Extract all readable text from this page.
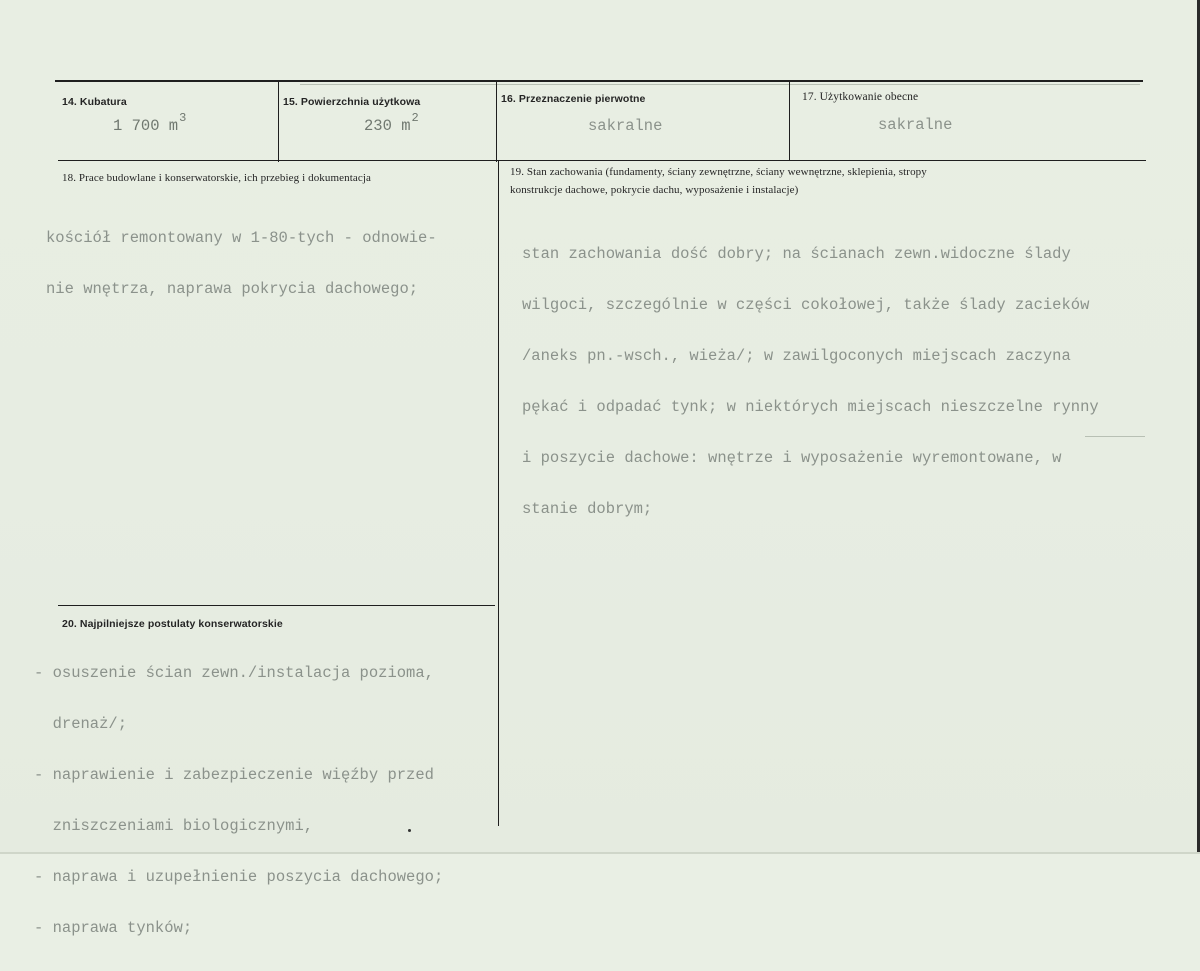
14. Kubatura
1 700 $m^3$
15. Powierzchnia użytkowa
230 $m^2$
16. Przeznaczenie pierwotne
sakralne
17. Użytkowanie obecne
sakralne
18. Prace budowlane i konserwatorskie, ich przebieg i dokumentacja

kościół remontowany w 1-80-tych - odnowie-

nie wnętrza, naprawa pokrycia dachowego;

19. Stan zachowania (fundamenty, ściany zewnętrzne, ściany wewnętrzne, sklepienia, stropy
konstrukcje dachowe, pokrycie dachu, wyposażenie i instalacje)

stan zachowania dość dobry; na ścianach zewn.widoczne ślady

wilgoci, szczególnie w części cokołowej, także ślady zacieków

/aneks pn.-wsch., wieża/; w zawilgoconych miejscach zaczyna

pękać i odpadać tynk; w niektórych miejscach nieszczelne rynny

i poszycie dachowe: wnętrze i wyposażenie wyremontowane, w

stanie dobrym;

20. Najpilniejsze postulaty konserwatorskie

- osuszenie ścian zewn./instalacja pozioma,

drenaż/;

- naprawienie i zabezpieczenie więźby przed

zniszczeniami biologicznymi,

- naprawa i uzupełnienie poszycia dachowego;

- naprawa tynków;
